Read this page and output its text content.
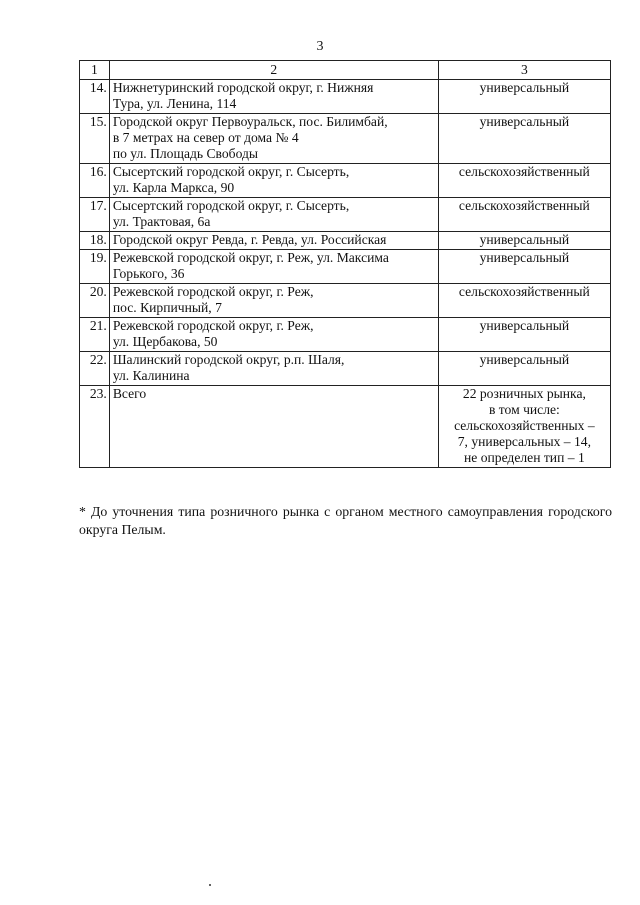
3
1	2	3
14.	Нижнетуринский городской округ, г. Нижняя
Тура, ул. Ленина, 114	универсальный

15.	Городской округ Первоуральск, пос. Билимбай,
в 7 метрах на север от дома № 4
по ул. Площадь Свободы	универсальный

16.	Сысертский городской округ, г. Сысерть,
ул. Карла Маркса, 90	сельскохозяйственный

17.	Сысертский городской округ, г. Сысерть,
ул. Трактовая, 6а	сельскохозяйственный

18.	Городской округ Ревда, г. Ревда, ул. Российская	универсальный

19.	Режевской городской округ, г. Реж, ул. Максима
Горького, 36	универсальный

20.	Режевской городской округ, г. Реж,
пос. Кирпичный, 7	сельскохозяйственный

21.	Режевской городской округ, г. Реж,
ул. Щербакова, 50	универсальный

22.	Шалинский городской округ, р.п. Шаля,
ул. Калинина	универсальный

23.	Всего	22 розничных рынка,
в том числе:
сельскохозяйственных –
7, универсальных – 14,
не определен тип – 1
* До уточнения типа розничного рынка с органом местного самоуправления городского округа Пелым.
